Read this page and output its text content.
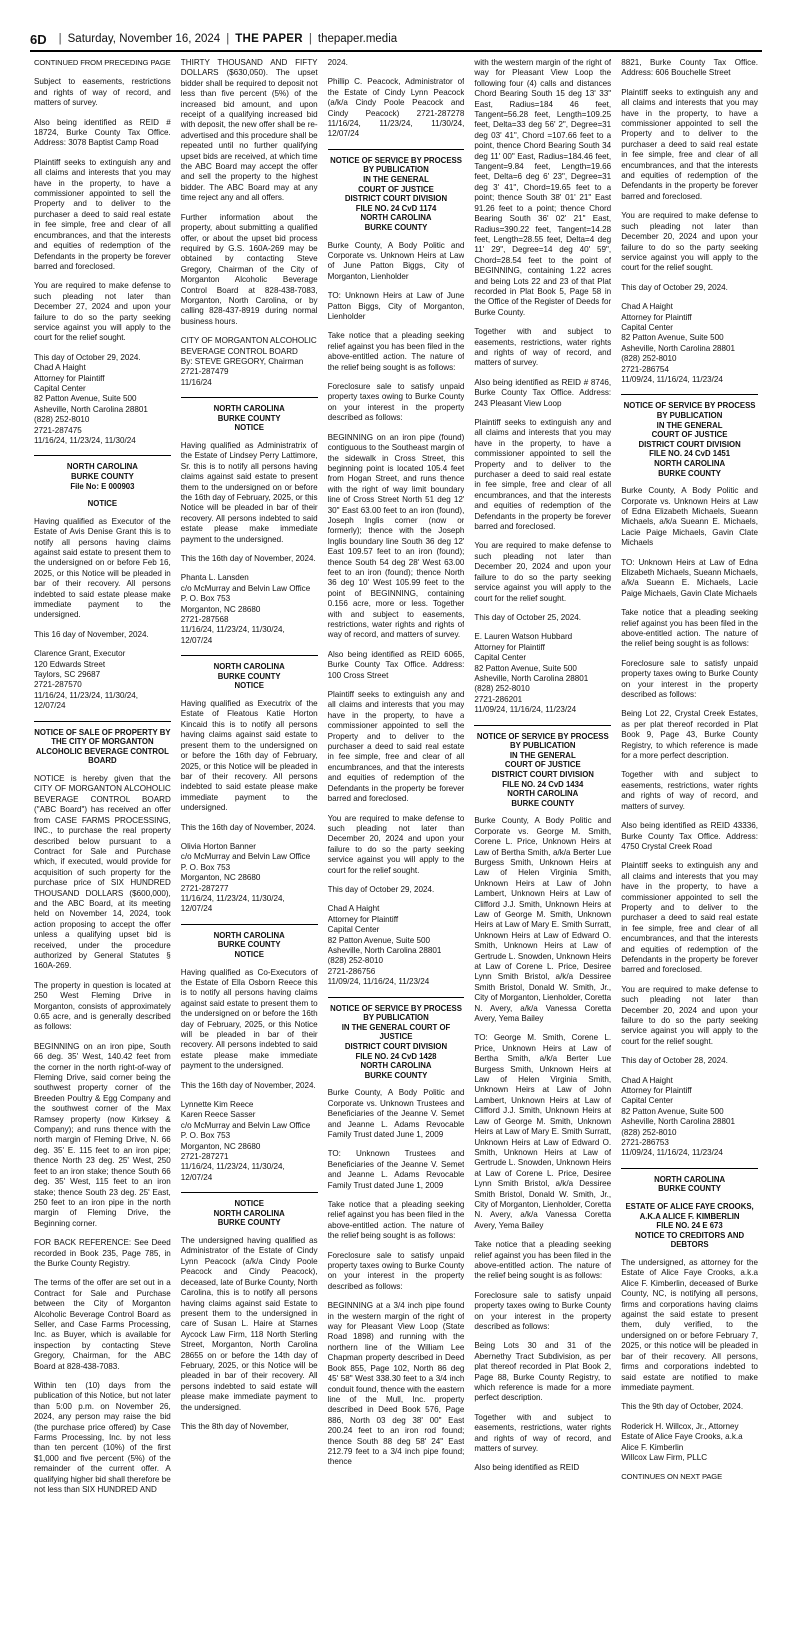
6D | Saturday, November 16, 2024 | THE PAPER | thepaper.media
CONTINUED FROM PRECEDING PAGE
Subject to easements, restrictions and rights of way of record, and matters of survey.
Also being identified as REID # 18724, Burke County Tax Office. Address: 3078 Baptist Camp Road
Plaintiff seeks to extinguish any and all claims and interests that you may have in the property, to have a commissioner appointed to sell the Property and to deliver to the purchaser a deed to said real estate in fee simple, free and clear of all encumbrances, and that the interests and equities of redemption of the Defendants in the property be forever barred and foreclosed.
You are required to make defense to such pleading not later than December 27, 2024 and upon your failure to do so the party seeking service against you will apply to the court for the relief sought.
This day of October 29, 2024.
Chad A Haight
Attorney for Plaintiff
Capital Center
82 Patton Avenue, Suite 500
Asheville, North Carolina 28801
(828) 252-8010
2721-287475
11/16/24, 11/23/24, 11/30/24
NORTH CAROLINA
BURKE COUNTY
File No: E 000903
NOTICE
Having qualified as Executor of the Estate of Avis Denise Grant this is to notify all persons having claims against said estate to present them to the undersigned on or before Feb 16, 2025, or this Notice will be pleaded in bar of their recovery. All persons indebted to said estate please make immediate payment to the undersigned.
This 16 day of November, 2024.
Clarence Grant, Executor
120 Edwards Street
Taylors, SC 29687
2721-287570
11/16/24, 11/23/24, 11/30/24, 12/07/24
NOTICE OF SALE OF PROPERTY BY THE CITY OF MORGANTON ALCOHOLIC BEVERAGE CONTROL BOARD
NOTICE is hereby given that the CITY OF MORGANTON ALCOHOLIC BEVERAGE CONTROL BOARD ("ABC Board") has received an offer from CASE FARMS PROCESSING, INC., to purchase the real property described below pursuant to a Contract for Sale and Purchase which, if executed, would provide for acquisition of such property for the purchase price of SIX HUNDRED THOUSAND DOLLARS ($600,000), and the ABC Board, at its meeting held on November 14, 2024, took action proposing to accept the offer unless a qualifying upset bid is received, under the procedure authorized by General Statutes § 160A-269.
The property in question is located at 250 West Fleming Drive in Morganton, consists of approximately 0.65 acre, and is generally described as follows:
BEGINNING on an iron pipe, South 66 deg. 35' West, 140.42 feet from the corner in the north right-of-way of Fleming Drive, said corner being the southwest property corner of the Breeden Poultry & Egg Company and the southwest corner of the Max Ramsey property (now Kirksey & Company); and runs thence with the north margin of Fleming Drive, N. 66 deg. 35' E. 115 feet to an iron pipe; thence North 23 deg. 25' West, 250 feet to an iron stake; thence South 66 deg. 35' West, 115 feet to an iron stake; thence South 23 deg. 25' East, 250 feet to an iron pipe in the north margin of Fleming Drive, the Beginning corner.
FOR BACK REFERENCE: See Deed recorded in Book 235, Page 785, in the Burke County Registry.
The terms of the offer are set out in a Contract for Sale and Purchase between the City of Morganton Alcoholic Beverage Control Board as Seller, and Case Farms Processing, Inc. as Buyer, which is available for inspection by contacting Steve Gregory, Chairman, for the ABC Board at 828-438-7083.
Within ten (10) days from the publication of this Notice, but not later than 5:00 p.m. on November 26, 2024, any person may raise the bid (the purchase price offered) by Case Farms Processing, Inc. by not less than ten percent (10%) of the first $1,000 and five percent (5%) of the remainder of the current offer. A qualifying higher bid shall therefore be not less than SIX HUNDRED AND
THIRTY THOUSAND AND FIFTY DOLLARS ($630,050). The upset bidder shall be required to deposit not less than five percent (5%) of the increased bid amount, and upon receipt of a qualifying increased bid with deposit, the new offer shall be re-advertised and this procedure shall be repeated until no further qualifying upset bids are received, at which time the ABC Board may accept the offer and sell the property to the highest bidder. The ABC Board may at any time reject any and all offers.
Further information about the property, about submitting a qualified offer, or about the upset bid process required by G.S. 160A-269 may be obtained by contacting Steve Gregory, Chairman of the City of Morganton Alcoholic Beverage Control Board at 828-438-7083, Morganton, North Carolina, or by calling 828-437-8919 during normal business hours.
CITY OF MORGANTON ALCOHOLIC BEVERAGE CONTROL BOARD
By: STEVE GREGORY, Chairman
2721-287479
11/16/24
NORTH CAROLINA
BURKE COUNTY
NOTICE
Having qualified as Administratrix of the Estate of Lindsey Perry Lattimore, Sr. this is to notify all persons having claims against said estate to present them to the undersigned on or before the 16th day of February, 2025, or this Notice will be pleaded in bar of their recovery. All persons indebted to said estate please make immediate payment to the undersigned.
This the 16th day of November, 2024.
Phanta L. Lansden
c/o McMurray and Belvin Law Office
P. O. Box 753
Morganton, NC 28680
2721-287568
11/16/24, 11/23/24, 11/30/24, 12/07/24
NORTH CAROLINA
BURKE COUNTY
NOTICE
Having qualified as Executrix of the Estate of Fleatous Katie Horton Kincaid this is to notify all persons having claims against said estate to present them to the undersigned on or before the 16th day of February, 2025, or this Notice will be pleaded in bar of their recovery. All persons indebted to said estate please make immediate payment to the undersigned.
This the 16th day of November, 2024.
Olivia Horton Banner
c/o McMurray and Belvin Law Office
P. O. Box 753
Morganton, NC 28680
2721-287277
11/16/24, 11/23/24, 11/30/24, 12/07/24
NORTH CAROLINA
BURKE COUNTY
NOTICE
Having qualified as Co-Executors of the Estate of Ella Osborn Reece this is to notify all persons having claims against said estate to present them to the undersigned on or before the 16th day of February, 2025, or this Notice will be pleaded in bar of their recovery. All persons indebted to said estate please make immediate payment to the undersigned.
This the 16th day of November, 2024.
Lynnette Kim Reece
Karen Reece Sasser
c/o McMurray and Belvin Law Office
P. O. Box 753
Morganton, NC 28680
2721-287271
11/16/24, 11/23/24, 11/30/24, 12/07/24
NOTICE
NORTH CAROLINA
BURKE COUNTY
The undersigned having qualified as Administrator of the Estate of Cindy Lynn Peacock (a/k/a Cindy Poole Peacock and Cindy Peacock), deceased, late of Burke County, North Carolina, this is to notify all persons having claims against said Estate to present them to the undersigned in care of Susan L. Haire at Starnes Aycock Law Firm, 118 North Sterling Street, Morganton, North Carolina 28655 on or before the 14th day of February, 2025, or this Notice will be pleaded in bar of their recovery. All persons indebted to said estate will please make immediate payment to the undersigned.
This the 8th day of November,
2024.
Phillip C. Peacock, Administrator of the Estate of Cindy Lynn Peacock (a/k/a Cindy Poole Peacock and Cindy Peacock) 2721-287278 11/16/24, 11/23/24, 11/30/24, 12/07/24
NOTICE OF SERVICE BY PROCESS BY PUBLICATION
IN THE GENERAL
COURT OF JUSTICE
DISTRICT COURT DIVISION
FILE NO. 24 CvD 1174
NORTH CAROLINA
BURKE COUNTY
Burke County, A Body Politic and Corporate vs. Unknown Heirs at Law of June Patton Biggs, City of Morganton, Lienholder
TO: Unknown Heirs at Law of June Patton Biggs, City of Morganton, Lienholder
Take notice that a pleading seeking relief against you has been filed in the above-entitled action. The nature of the relief being sought is as follows:
Foreclosure sale to satisfy unpaid property taxes owing to Burke County on your interest in the property described as follows:
BEGINNING on an iron pipe (found) contiguous to the Southeast margin of the sidewalk in Cross Street, this beginning point is located 105.4 feet from Hogan Street, and runs thence with the right of way limit boundary line of Cross Street North 51 deg 12' 30" East 63.00 feet to an iron (found), Joseph Inglis corner (now or formerly); thence with the Joseph Inglis boundary line South 36 deg 12' East 109.57 feet to an iron (found); thence South 54 deg 28' West 63.00 feet to an iron (found); thence North 36 deg 10' West 105.99 feet to the point of BEGINNING, containing 0.156 acre, more or less. Together with and subject to easements, restrictions, water rights and rights of way of record, and matters of survey.
Also being identified as REID 6065, Burke County Tax Office. Address: 100 Cross Street
Plaintiff seeks to extinguish any and all claims and interests that you may have in the property, to have a commissioner appointed to sell the Property and to deliver to the purchaser a deed to said real estate in fee simple, free and clear of all encumbrances, and that the interests and equities of redemption of the Defendants in the property be forever barred and foreclosed.
You are required to make defense to such pleading not later than December 20, 2024 and upon your failure to do so the party seeking service against you will apply to the court for the relief sought.
This day of October 29, 2024.
Chad A Haight
Attorney for Plaintiff
Capital Center
82 Patton Avenue, Suite 500
Asheville, North Carolina 28801
(828) 252-8010
2721-286756
11/09/24, 11/16/24, 11/23/24
NOTICE OF SERVICE BY PROCESS BY PUBLICATION
IN THE GENERAL COURT OF JUSTICE
DISTRICT COURT DIVISION
FILE NO. 24 CvD 1428
NORTH CAROLINA
BURKE COUNTY
Burke County, A Body Politic and Corporate vs. Unknown Trustees and Beneficiaries of the Jeanne V. Semet and Jeanne L. Adams Revocable Family Trust dated June 1, 2009
TO: Unknown Trustees and Beneficiaries of the Jeanne V. Semet and Jeanne L. Adams Revocable Family Trust dated June 1, 2009
Take notice that a pleading seeking relief against you has been filed in the above-entitled action. The nature of the relief being sought is as follows:
Foreclosure sale to satisfy unpaid property taxes owing to Burke County on your interest in the property described as follows:
BEGINNING at a 3/4 inch pipe found in the western margin of the right of way for Pleasant View Loop (State Road 1898) and running with the northern line of the William Lee Chapman property described in Deed Book 855, Page 102, North 86 deg 45' 58" West 338.30 feet to a 3/4 inch conduit found, thence with the eastern line of the Mull, Inc. property described in Deed Book 576, Page 886, North 03 deg 38' 00" East 200.24 feet to an iron rod found; thence South 88 deg 58' 24" East 212.79 feet to a 3/4 inch pipe found; thence
with the western margin of the right of way for Pleasant View Loop the following four (4) calls and distances Chord Bearing South 15 deg 13' 33" East, Radius=184 46 feet, Tangent=56.28 feet, Length=109.25 feet, Delta=33 deg 56' 2", Degree=31 deg 03' 41", Chord =107.66 feet to a point, thence Chord Bearing South 34 deg 11' 00" East, Radius=184.46 feet, Tangent=9.84 feet, Length=19.66 feet, Delta=6 deg 6' 23", Degree=31 deg 3' 41", Chord=19.65 feet to a point; thence South 38' 01' 21" East 91.26 feet to a point; thence Chord Bearing South 36' 02' 21" East, Radius=390.22 feet, Tangent=14.28 feet, Length=28.55 feet, Delta=4 deg 11' 29", Degree=14 deg 40' 59", Chord=28.54 feet to the point of BEGINNING, containing 1.22 acres and being Lots 22 and 23 of that Plat recorded in Plat Book 5, Page 58 in the Office of the Register of Deeds for Burke County.
Together with and subject to easements, restrictions, water rights and rights of way of record, and matters of survey.
Also being identified as REID # 8746, Burke County Tax Office. Address: 243 Pleasant View Loop
Plaintiff seeks to extinguish any and all claims and interests that you may have in the property, to have a commissioner appointed to sell the Property and to deliver to the purchaser a deed to said real estate in fee simple, free and clear of all encumbrances, and that the interests and equities of redemption of the Defendants in the property be forever barred and foreclosed.
You are required to make defense to such pleading not later than December 20, 2024 and upon your failure to do so the party seeking service against you will apply to the court for the relief sought.
This day of October 25, 2024.
E. Lauren Watson Hubbard
Attorney for Plaintiff
Capital Center
82 Patton Avenue, Suite 500
Asheville, North Carolina 28801
(828) 252-8010
2721-286201
11/09/24, 11/16/24, 11/23/24
NOTICE OF SERVICE BY PROCESS BY PUBLICATION
IN THE GENERAL
COURT OF JUSTICE
DISTRICT COURT DIVISION
FILE NO. 24 CvD 1434
NORTH CAROLINA
BURKE COUNTY
Burke County, A Body Politic and Corporate vs. George M. Smith, Corene L. Price, Unknown Heirs at Law of Bertha Smith, a/k/a Berter Lue Burgess Smith, Unknown Heirs at Law of Helen Virginia Smith, Unknown Heirs at Law of John Lambert, Unknown Heirs at Law of Clifford J.J. Smith, Unknown Heirs at Law of George M. Smith, Unknown Heirs at Law of Mary E. Smith Surratt, Unknown Heirs at Law of Edward O. Smith, Unknown Heirs at Law of Gertrude L. Snowden, Unknown Heirs at Law of Corene L. Price, Desiree Lynn Smith Bristol, a/k/a Dessiree Smith Bristol, Donald W. Smith, Jr., City of Morganton, Lienholder, Coretta N. Avery, a/k/a Vanessa Coretta Avery, Yema Bailey
TO: George M. Smith, Corene L. Price, Unknown Heirs at Law of Bertha Smith, a/k/a Berter Lue Burgess Smith, Unknown Heirs at Law of Helen Virginia Smith, Unknown Heirs at Law of John Lambert, Unknown Heirs at Law of Clifford J.J. Smith, Unknown Heirs at Law of George M. Smith, Unknown Heirs at Law of Mary E. Smith Surratt, Unknown Heirs at Law of Edward O. Smith, Unknown Heirs at Law of Gertrude L. Snowden, Unknown Heirs at Law of Corene L. Price, Desiree Lynn Smith Bristol, a/k/a Dessiree Smith Bristol, Donald W. Smith, Jr., City of Morganton, Lienholder, Coretta N. Avery, a/k/a Vanessa Coretta Avery, Yema Bailey
Take notice that a pleading seeking relief against you has been filed in the above-entitled action. The nature of the relief being sought is as follows:
Foreclosure sale to satisfy unpaid property taxes owing to Burke County on your interest in the property described as follows:
Being Lots 30 and 31 of the Abernethy Tract Subdivision, as per plat thereof recorded in Plat Book 2, Page 88, Burke County Registry, to which reference is made for a more perfect description.
Together with and subject to easements, restrictions, water rights and rights of way of record, and matters of survey.
Also being identified as REID
8821, Burke County Tax Office. Address: 606 Bouchelle Street
Plaintiff seeks to extinguish any and all claims and interests that you may have in the property, to have a commissioner appointed to sell the Property and to deliver to the purchaser a deed to said real estate in fee simple, free and clear of all encumbrances, and that the interests and equities of redemption of the Defendants in the property be forever barred and foreclosed.
You are required to make defense to such pleading not later than December 20, 2024 and upon your failure to do so the party seeking service against you will apply to the court for the relief sought.
This day of October 29, 2024.
Chad A Haight
Attorney for Plaintiff
Capital Center
82 Patton Avenue, Suite 500
Asheville, North Carolina 28801
(828) 252-8010
2721-286754
11/09/24, 11/16/24, 11/23/24
NOTICE OF SERVICE BY PROCESS BY PUBLICATION
IN THE GENERAL
COURT OF JUSTICE
DISTRICT COURT DIVISION
FILE NO. 24 CvD 1451
NORTH CAROLINA
BURKE COUNTY
Burke County, A Body Politic and Corporate vs. Unknown Heirs at Law of Edna Elizabeth Michaels, Sueann Michaels, a/k/a Sueann E. Michaels, Lacie Paige Michaels, Gavin Clate Michaels
TO: Unknown Heirs at Law of Edna Elizabeth Michaels, Sueann Michaels, a/k/a Sueann E. Michaels, Lacie Paige Michaels, Gavin Clate Michaels
Take notice that a pleading seeking relief against you has been filed in the above-entitled action. The nature of the relief being sought is as follows:
Foreclosure sale to satisfy unpaid property taxes owing to Burke County on your interest in the property described as follows:
Being Lot 22, Crystal Creek Estates, as per plat thereof recorded in Plat Book 9, Page 43, Burke County Registry, to which reference is made for a more perfect description.
Together with and subject to easements, restrictions, water rights and rights of way of record, and matters of survey.
Also being identified as REID 43336, Burke County Tax Office. Address: 4750 Crystal Creek Road
Plaintiff seeks to extinguish any and all claims and interests that you may have in the property, to have a commissioner appointed to sell the Property and to deliver to the purchaser a deed to said real estate in fee simple, free and clear of all encumbrances, and that the interests and equities of redemption of the Defendants in the property be forever barred and foreclosed.
You are required to make defense to such pleading not later than December 20, 2024 and upon your failure to do so the party seeking service against you will apply to the court for the relief sought.
This day of October 28, 2024.
Chad A Haight
Attorney for Plaintiff
Capital Center
82 Patton Avenue, Suite 500
Asheville, North Carolina 28801
(828) 252-8010
2721-286753
11/09/24, 11/16/24, 11/23/24
NORTH CAROLINA
BURKE COUNTY
ESTATE OF ALICE FAYE CROOKS, A.K.A ALICE F. KIMBERLIN
FILE NO. 24 E 673
NOTICE TO CREDITORS AND DEBTORS
The undersigned, as attorney for the Estate of Alice Faye Crooks, a.k.a Alice F. Kimberlin, deceased of Burke County, NC, is notifying all persons, firms and corporations having claims against the said estate to present them, duly verified, to the undersigned on or before February 7, 2025, or this notice will be pleaded in bar of their recovery. All persons, firms and corporations indebted to said estate are notified to make immediate payment.
This the 9th day of October, 2024.
Roderick H. Willcox, Jr., Attorney
Estate of Alice Faye Crooks, a.k.a Alice F. Kimberlin
Willcox Law Firm, PLLC
CONTINUES ON NEXT PAGE
